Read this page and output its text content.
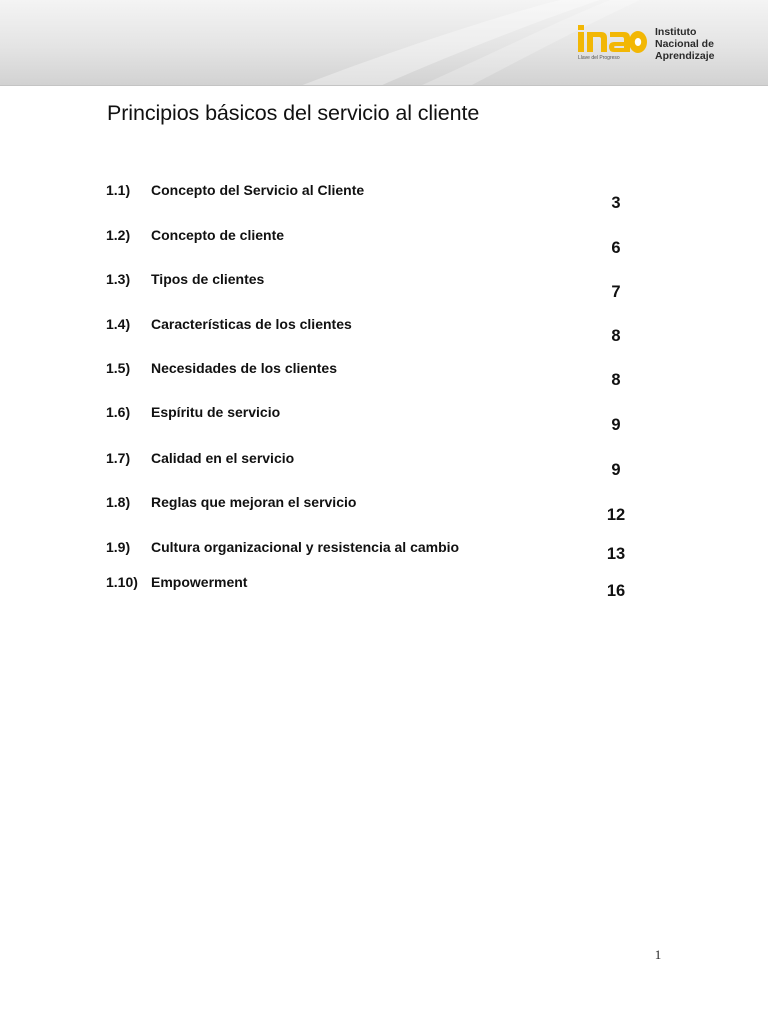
Llave del Progreso
Instituto
Nacional de
Aprendizaje
Principios básicos del servicio al cliente
1.1) Concepto del Servicio al Cliente
3
1.2) Concepto de cliente
6
1.3) Tipos de clientes
7
1.4) Características de los clientes
8
1.5) Necesidades de los clientes
8
1.6) Espíritu de servicio
9
1.7) Calidad en el servicio
9
1.8) Reglas que mejoran el servicio
12
1.9) Cultura organizacional y resistencia al cambio	13
1.10) Empowerment	16
1
